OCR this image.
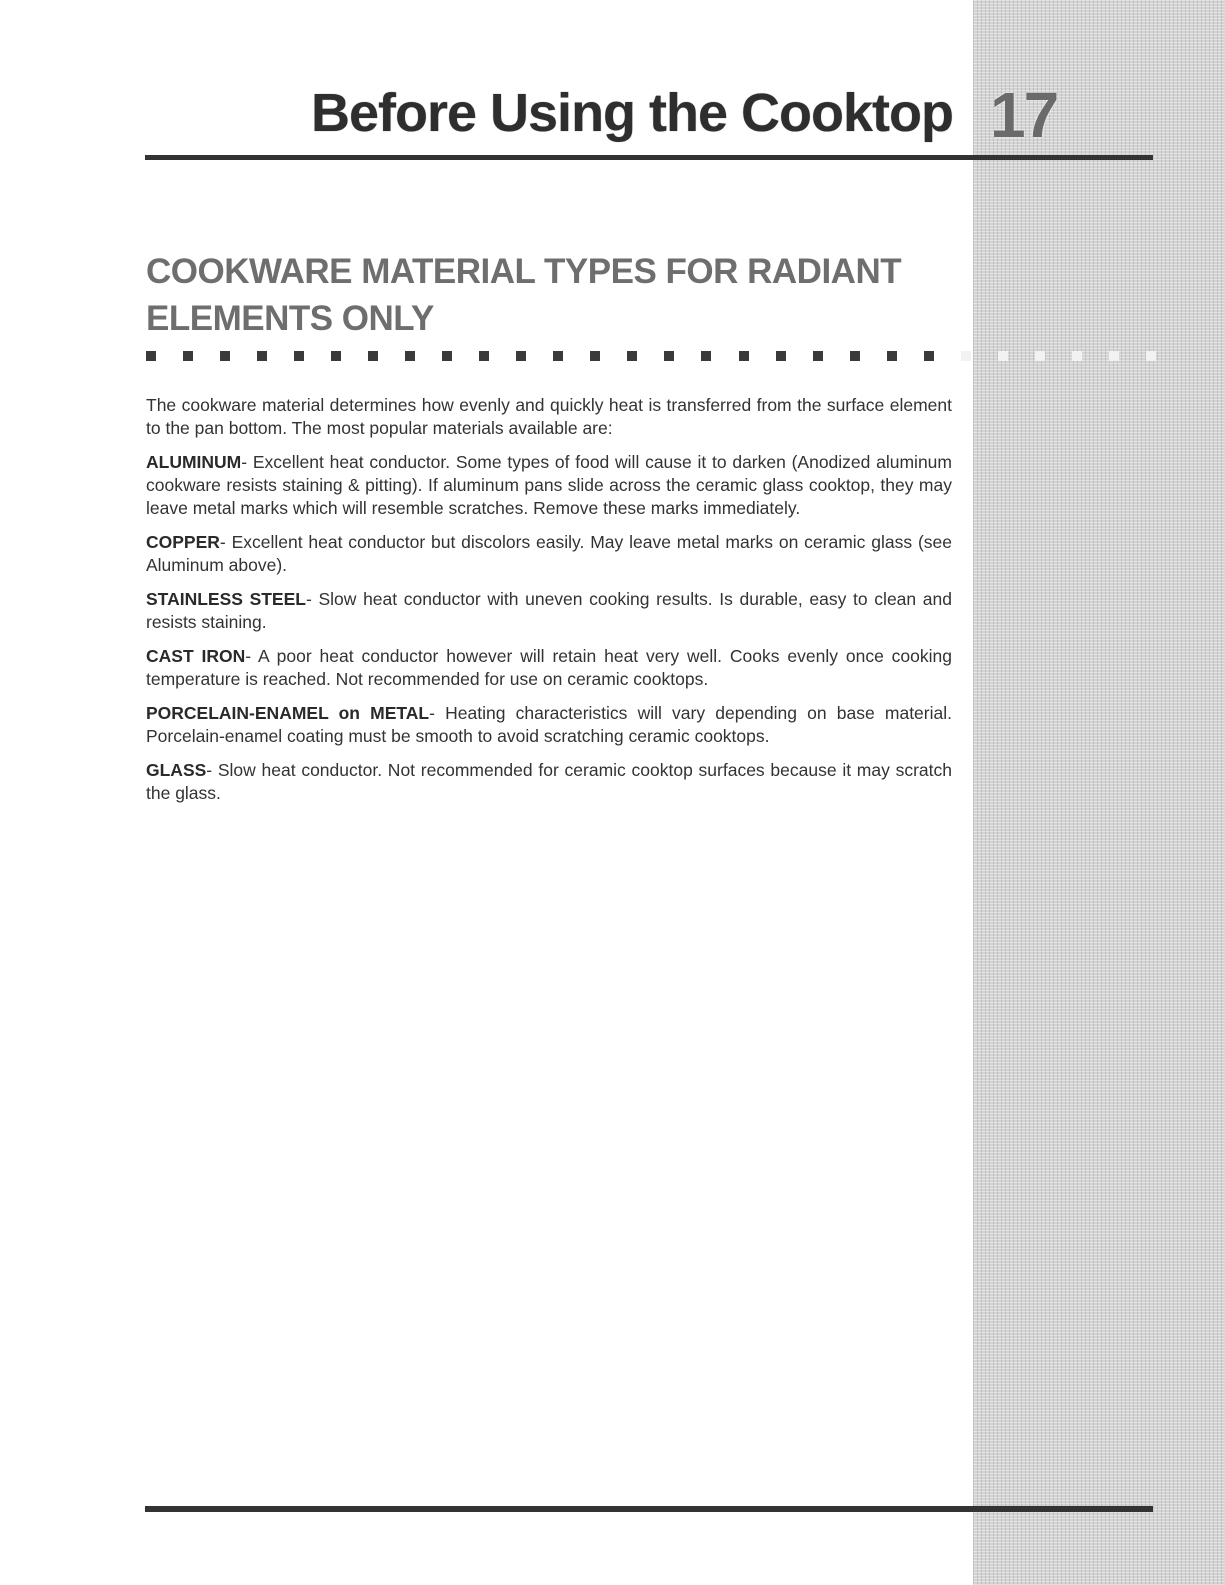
Before Using the Cooktop 17
COOKWARE MATERIAL TYPES FOR RADIANT ELEMENTS ONLY

The cookware material determines how evenly and quickly heat is transferred from the surface element to the pan bottom. The most popular materials available are:

ALUMINUM- Excellent heat conductor. Some types of food will cause it to darken (Anodized aluminum cookware resists staining & pitting). If aluminum pans slide across the ceramic glass cooktop, they may leave metal marks which will resemble scratches. Remove these marks immediately.

COPPER- Excellent heat conductor but discolors easily. May leave metal marks on ceramic glass (see Aluminum above).

STAINLESS STEEL- Slow heat conductor with uneven cooking results. Is durable, easy to clean and resists staining.

CAST IRON- A poor heat conductor however will retain heat very well. Cooks evenly once cooking temperature is reached. Not recommended for use on ceramic cooktops.

PORCELAIN-ENAMEL on METAL- Heating characteristics will vary depending on base material. Porcelain-enamel coating must be smooth to avoid scratching ceramic cooktops.

GLASS- Slow heat conductor. Not recommended for ceramic cooktop surfaces because it may scratch the glass.
